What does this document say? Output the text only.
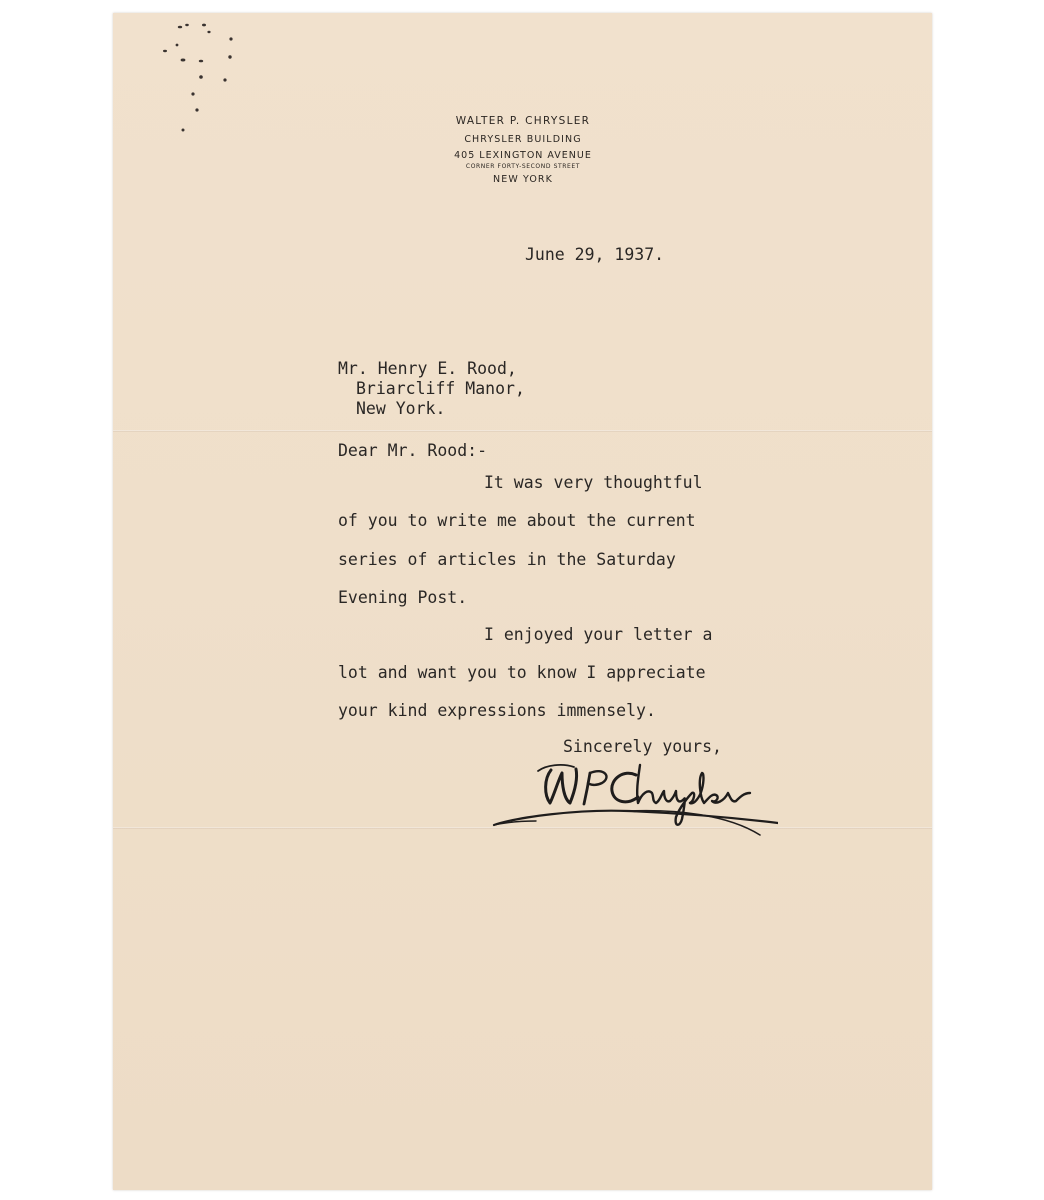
WALTER P. CHRYSLER
CHRYSLER BUILDING
405 LEXINGTON AVENUE
CORNER FORTY-SECOND STREET
NEW YORK
June 29, 1937.
Mr. Henry E. Rood,
Briarcliff Manor,
New York.
Dear Mr. Rood:-
It was very thoughtful
of you to write me about the current
series of articles in the Saturday
Evening Post.
I enjoyed your letter a
lot and want you to know I appreciate
your kind expressions immensely.
Sincerely yours,
